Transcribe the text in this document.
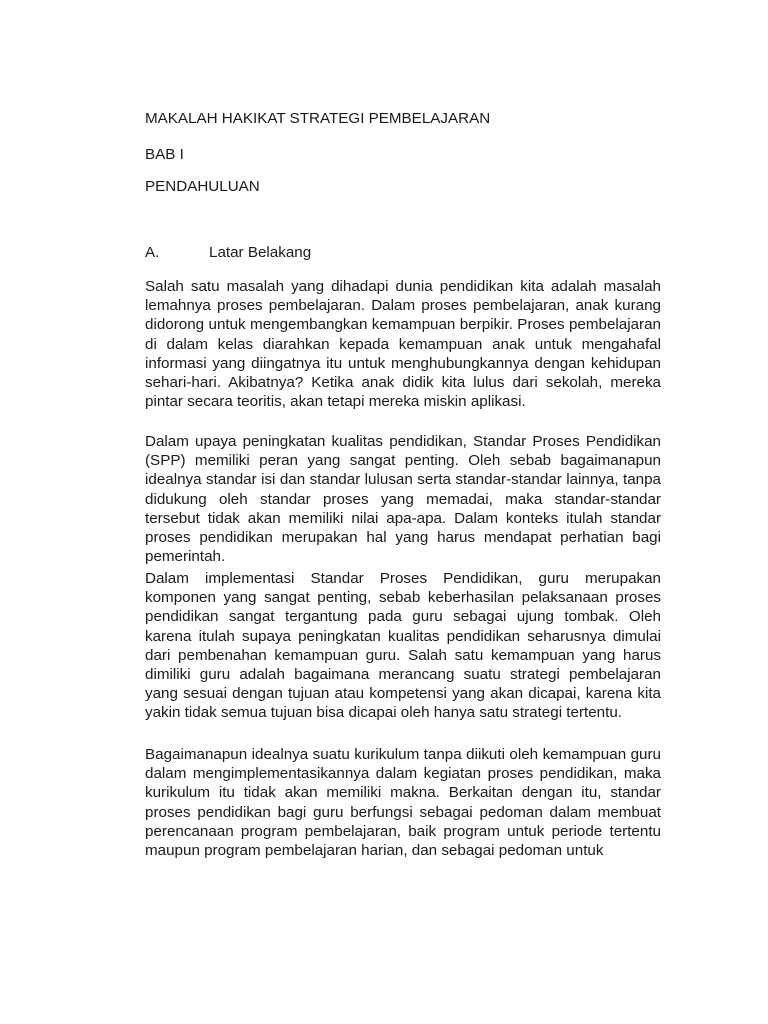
MAKALAH HAKIKAT STRATEGI PEMBELAJARAN
BAB I
PENDAHULUAN
A.	Latar Belakang

Salah satu masalah yang dihadapi dunia pendidikan kita adalah masalah lemahnya proses pembelajaran. Dalam proses pembelajaran, anak kurang didorong untuk mengembangkan kemampuan berpikir. Proses pembelajaran di dalam kelas diarahkan kepada kemampuan anak untuk mengahafal informasi yang diingatnya itu untuk menghubungkannya dengan kehidupan sehari-hari. Akibatnya? Ketika anak didik kita lulus dari sekolah, mereka pintar secara teoritis, akan tetapi mereka miskin aplikasi.

Dalam upaya peningkatan kualitas pendidikan, Standar Proses Pendidikan (SPP) memiliki peran yang sangat penting. Oleh sebab bagaimanapun idealnya standar isi dan standar lulusan serta standar-standar lainnya, tanpa didukung oleh standar proses yang memadai, maka standar-standar tersebut tidak akan memiliki nilai apa-apa. Dalam konteks itulah standar proses pendidikan merupakan hal yang harus mendapat perhatian bagi pemerintah.

Dalam implementasi Standar Proses Pendidikan, guru merupakan komponen yang sangat penting, sebab keberhasilan pelaksanaan proses pendidikan sangat tergantung pada guru sebagai ujung tombak. Oleh karena itulah supaya peningkatan kualitas pendidikan seharusnya dimulai dari pembenahan kemampuan guru. Salah satu kemampuan yang harus dimiliki guru adalah bagaimana merancang suatu strategi pembelajaran yang sesuai dengan tujuan atau kompetensi yang akan dicapai, karena kita yakin tidak semua tujuan bisa dicapai oleh hanya satu strategi tertentu.

Bagaimanapun idealnya suatu kurikulum tanpa diikuti oleh kemampuan guru dalam mengimplementasikannya dalam kegiatan proses pendidikan, maka kurikulum itu tidak akan memiliki makna. Berkaitan dengan itu, standar proses pendidikan bagi guru berfungsi sebagai pedoman dalam membuat perencanaan program pembelajaran, baik program untuk periode tertentu maupun program pembelajaran harian, dan sebagai pedoman untuk
